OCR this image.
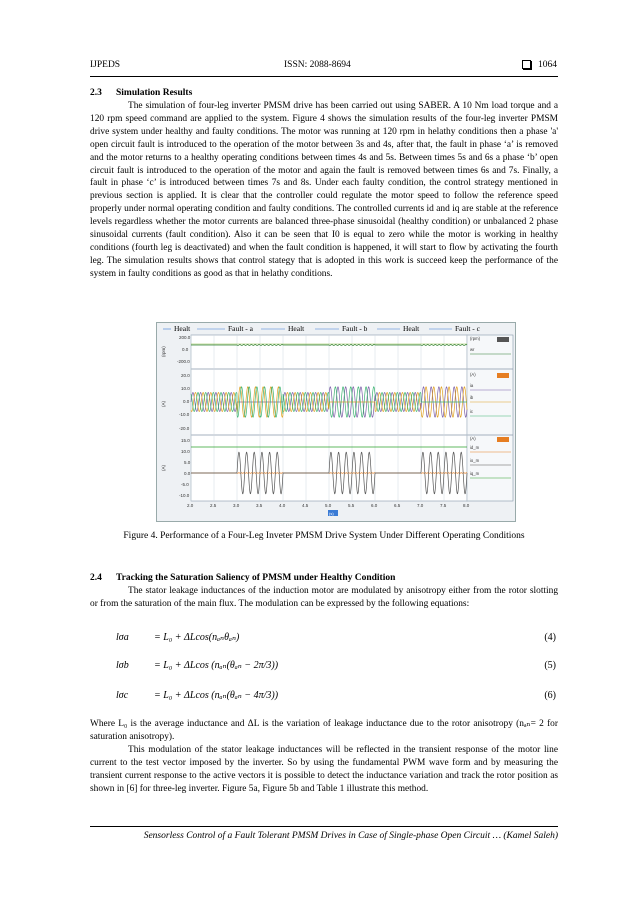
IJPEDS	ISSN: 2088-8694	1064
2.3 Simulation Results

The simulation of four-leg inverter PMSM drive has been carried out using SABER. A 10 Nm load torque and a 120 rpm speed command are applied to the system. Figure 4 shows the simulation results of the four-leg inverter PMSM drive system under healthy and faulty conditions. The motor was running at 120 rpm in helathy conditions then a phase 'a' open circuit fault is introduced to the operation of the motor between 3s and 4s, after that, the fault in phase ‘a’ is removed and the motor returns to a healthy operating conditions between times 4s and 5s. Between times 5s and 6s a phase ‘b’ open circuit fault is introduced to the operation of the motor and again the fault is removed between times 6s and 7s. Finally, a fault in phase ‘c’ is introduced between times 7s and 8s. Under each faulty condition, the control strategy mentioned in previous section is applied. It is clear that the controller could regulate the motor speed to follow the reference speed properly under normal operating condition and faulty conditions. The controlled currents id and iq are stable at the reference levels regardless whether the motor currents are balanced three-phase sinusoidal (healthy condition) or unbalanced 2 phase sinusoidal currents (fault condition). Also it can be seen that I0 is equal to zero while the motor is working in healthy conditions (fourth leg is deactivated) and when the fault condition is happened, it will start to flow by activating the fourth leg. The simulation results shows that control stategy that is adopted in this work is succeed keep the performance of the system in faulty conditions as good as that in helathy conditions.

Healt	Fault - a	Healt	Fault - b	Healt	Fault - c
200.0
0.0
-200.0
20.0
10.0
0.0
-10.0
-20.0
15.0
10.0
5.0
0.0
-5.0
-10.0
(rpm)
(A)
(A)
(rpm)
wr
(A)
ia
ib
ic
(A)
id_m
io_m
iq_m
2.0	2.5	3.0	3.5	4.0	4.5	5.0	5.5	6.0	6.5	7.0	7.5	8.0
(s)
Figure 4. Performance of a Four-Leg Inveter PMSM Drive System Under Different Operating Conditions
2.4 Tracking the Saturation Saliency of PMSM under Healthy Condition

The stator leakage inductances of the induction motor are modulated by anisotropy either from the rotor slotting or from the saturation of the main flux. The modulation can be expressed by the following equations:

lσa	= L₀ + ΔLcos(nₐₙθₐₙ)	(4)
lσb	= L₀ + ΔLcos (nₐₙ(θₐₙ − 2π/3))	(5)
lσc	= L₀ + ΔLcos (nₐₙ(θₐₙ − 4π/3))	(6)

Where L₀ is the average inductance and ΔL is the variation of leakage inductance due to the rotor anisotropy (nₐₙ= 2 for saturation anisotropy).

This modulation of the stator leakage inductances will be reflected in the transient response of the motor line current to the test vector imposed by the inverter. So by using the fundamental PWM wave form and by measuring the transient current response to the active vectors it is possible to detect the inductance variation and track the rotor position as shown in [6] for three-leg inverter. Figure 5a, Figure 5b and Table 1 illustrate this method.

Sensorless Control of a Fault Tolerant PMSM Drives in Case of Single-phase Open Circuit … (Kamel Saleh)
